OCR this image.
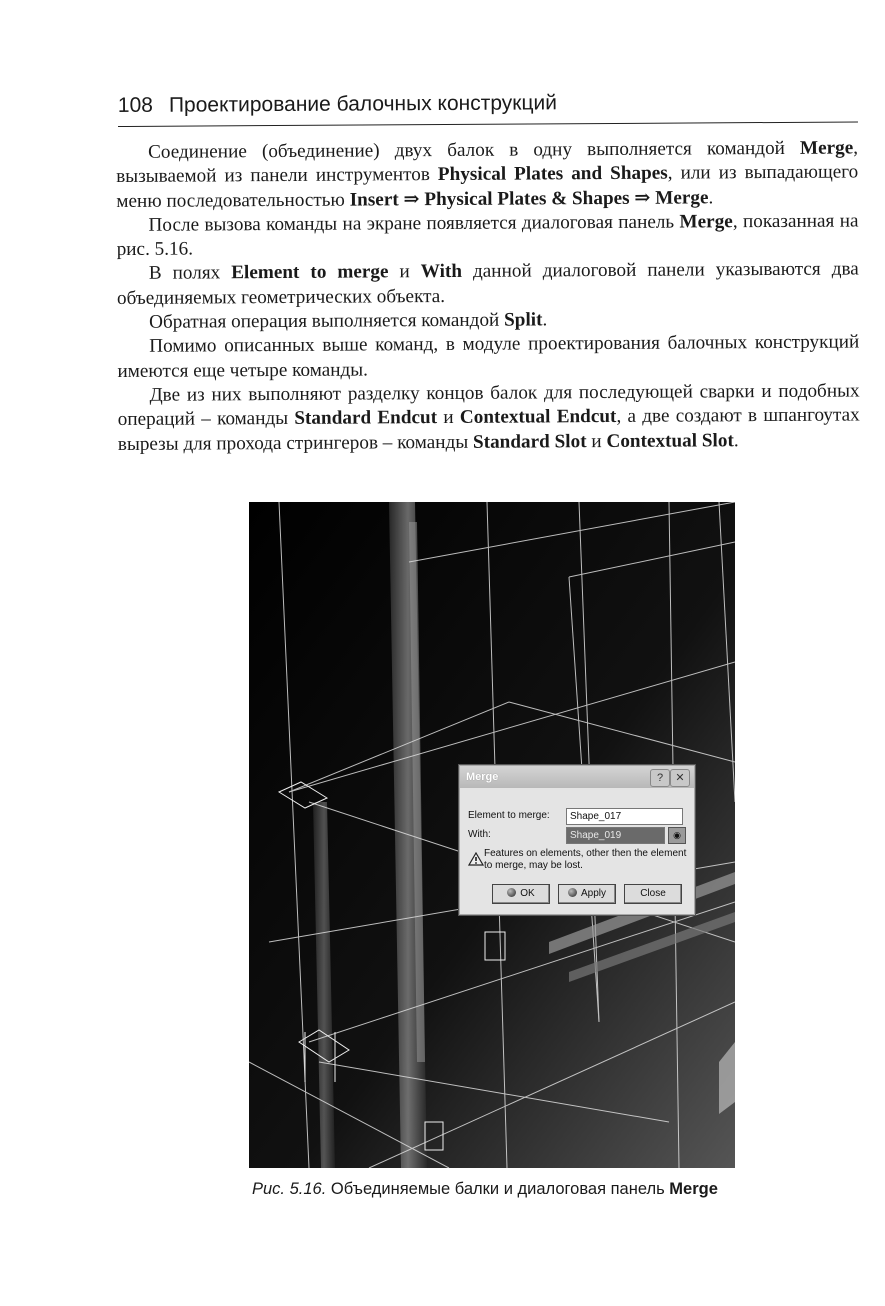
108 Проектирование балочных конструкций

Соединение (объединение) двух балок в одну выполняется командой Merge, вызываемой из панели инструментов Physical Plates and Shapes, или из выпадающего меню последовательностью Insert ⇒ Physical Plates & Shapes ⇒ Merge.

После вызова команды на экране появляется диалоговая панель Merge, показанная на рис. 5.16.

В полях Element to merge и With данной диалоговой панели указываются два объединяемых геометрических объекта.

Обратная операция выполняется командой Split.

Помимо описанных выше команд, в модуле проектирования балочных конструкций имеются еще четыре команды.

Две из них выполняют разделку концов балок для последующей сварки и подобных операций – команды Standard Endcut и Contextual Endcut, а две создают в шпангоутах вырезы для прохода стрингеров – команды Standard Slot и Contextual Slot.

Merge	?	✕
Element to merge:	Shape_017
With:	Shape_019	◉
Features on elements, other then the element to merge, may be lost.
OK	Apply	Close
Рис. 5.16. Объединяемые балки и диалоговая панель Merge
